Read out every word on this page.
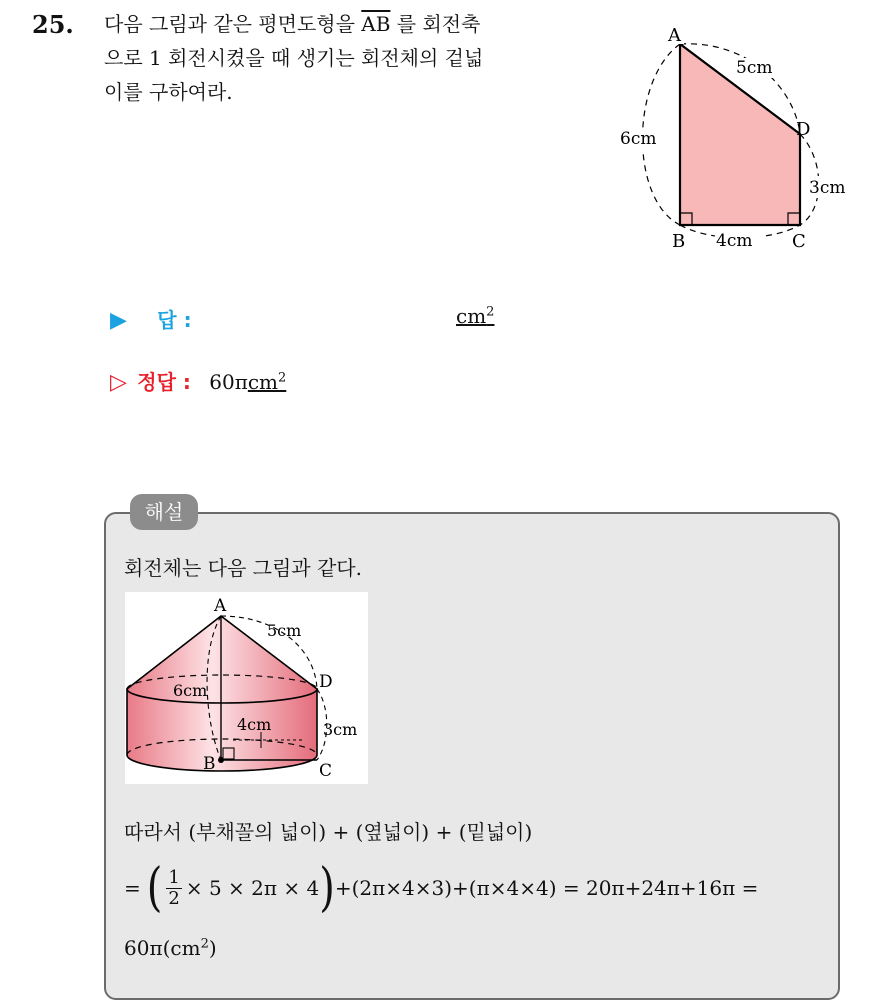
25. 다음 그림과 같은 평면도형을 $\overline{AB}$ 를 회전축
으로 1 회전시켰을 때 생기는 회전체의 겉넓
이를 구하여라.
A
D
B	C
5cm
6cm
3cm
4cm
▶ 답 :	$cm^2$
▷ 정답 : 60πcm$^2$
해설
회전체는 다음 그림과 같다.
A
D
B	C
5cm
6cm
4cm	3cm
따라서 (부채꼴의 넓이) + (옆넓이) + (밑넓이)
= ( $\frac{1}{2} \times 5 \times 2\pi \times 4$ ) +(2π×4×3)+(π×4×4) = 20π+24π+16π =
$60\pi(cm^2)$
